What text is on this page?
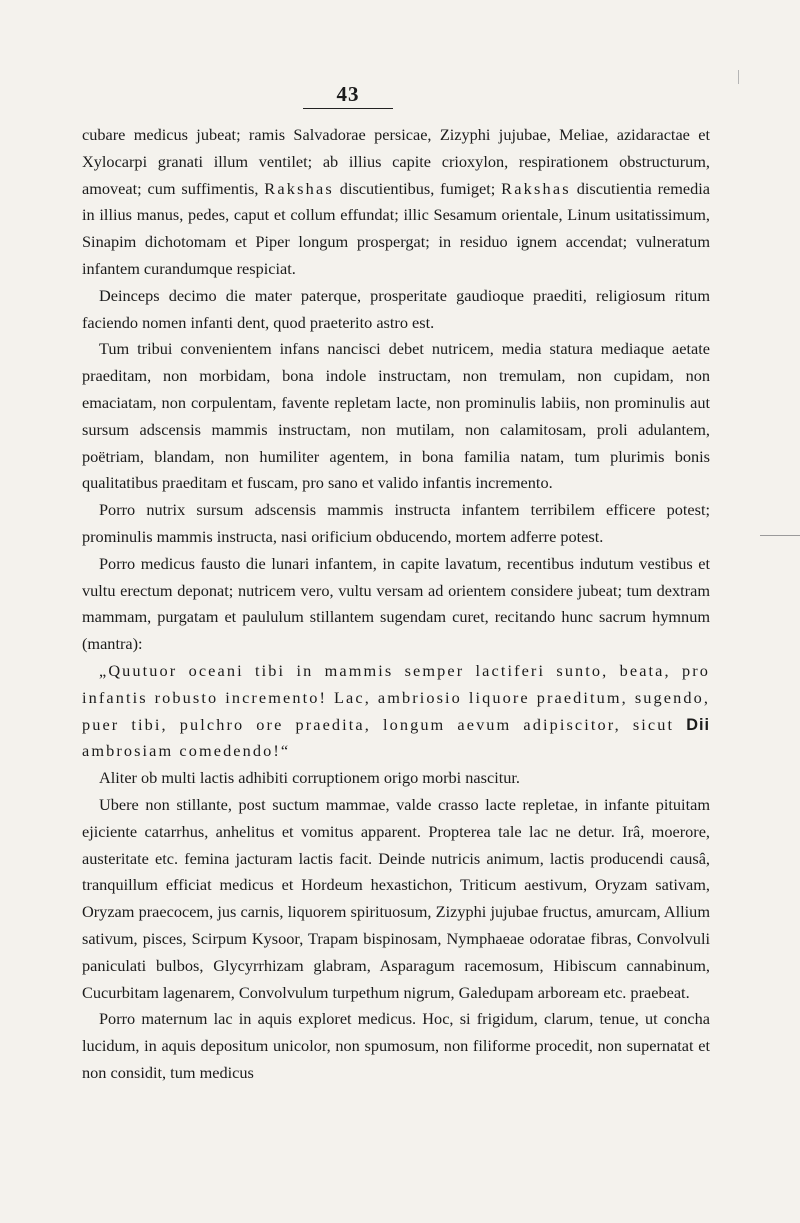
43

cubare medicus jubeat; ramis Salvadorae persicae, Zizyphi jujubae, Meliae, azidaractae et Xylocarpi granati illum ventilet; ab illius capite crioxylon, respirationem obstructurum, amoveat; cum suffimentis, Rakshas discutientibus, fumiget; Rakshas discutientia remedia in illius manus, pedes, caput et collum effundat; illic Sesamum orientale, Linum usitatissimum, Sinapim dichotomam et Piper longum prospergat; in residuo ignem accendat; vulneratum infantem curandumque respiciat.

Deinceps decimo die mater paterque, prosperitate gaudioque praediti, religiosum ritum faciendo nomen infanti dent, quod praeterito astro est.

Tum tribui convenientem infans nancisci debet nutricem, media statura mediaque aetate praeditam, non morbidam, bona indole instructam, non tremulam, non cupidam, non emaciatam, non corpulentam, favente repletam lacte, non prominulis labiis, non prominulis aut sursum adscensis mammis instructam, non mutilam, non calamitosam, proli adulantem, poëtriam, blandam, non humiliter agentem, in bona familia natam, tum plurimis bonis qualitatibus praeditam et fuscam, pro sano et valido infantis incremento.

Porro nutrix sursum adscensis mammis instructa infantem terribilem efficere potest; prominulis mammis instructa, nasi orificium obducendo, mortem adferre potest.

Porro medicus fausto die lunari infantem, in capite lavatum, recentibus indutum vestibus et vultu erectum deponat; nutricem vero, vultu versam ad orientem considere jubeat; tum dextram mammam, purgatam et paululum stillantem sugendam curet, recitando hunc sacrum hymnum (mantra):

„Quutuor oceani tibi in mammis semper lactiferi sunto, beata, pro infantis robusto incremento! Lac, ambriosio liquore praeditum, sugendo, puer tibi, pulchro ore praedita, longum aevum adipiscitor, sicut Dii ambrosiam comedendo!“

Aliter ob multi lactis adhibiti corruptionem origo morbi nascitur.

Ubere non stillante, post suctum mammae, valde crasso lacte repletae, in infante pituitam ejiciente catarrhus, anhelitus et vomitus apparent. Propterea tale lac ne detur. Irâ, moerore, austeritate etc. femina jacturam lactis facit. Deinde nutricis animum, lactis producendi causâ, tranquillum efficiat medicus et Hordeum hexastichon, Triticum aestivum, Oryzam sativam, Oryzam praecocem, jus carnis, liquorem spirituosum, Zizyphi jujubae fructus, amurcam, Allium sativum, pisces, Scirpum Kysoor, Trapam bispinosam, Nymphaeae odoratae fibras, Convolvuli paniculati bulbos, Glycyrrhizam glabram, Asparagum racemosum, Hibiscum cannabinum, Cucurbitam lagenarem, Convolvulum turpethum nigrum, Galedupam arboream etc. praebeat.

Porro maternum lac in aquis exploret medicus. Hoc, si frigidum, clarum, tenue, ut concha lucidum, in aquis depositum unicolor, non spumosum, non filiforme procedit, non supernatat et non considit, tum medicus
